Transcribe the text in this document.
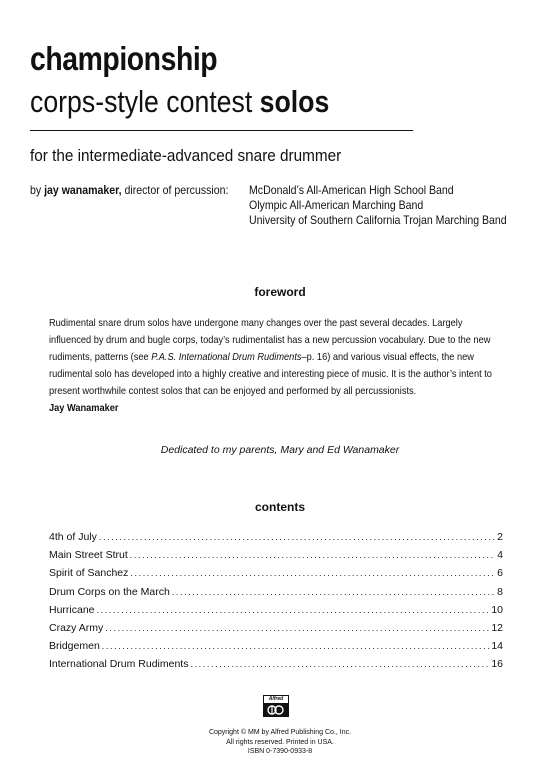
championship
corps-style contest solos
for the intermediate-advanced snare drummer
by jay wanamaker, director of percussion: McDonald’s All-American High School Band
Olympic All-American Marching Band
University of Southern California Trojan Marching Band
foreword
Rudimental snare drum solos have undergone many changes over the past several decades. Largely influenced by drum and bugle corps, today’s rudimentalist has a new percussion vocabulary. Due to the new rudiments, patterns (see P.A.S. International Drum Rudiments–p. 16) and various visual effects, the new rudimental solo has developed into a highly creative and interesting piece of music. It is the author’s intent to present worthwhile contest solos that can be enjoyed and performed by all percussionists.
Jay Wanamaker
Dedicated to my parents, Mary and Ed Wanamaker
contents
4th of July .....	2
Main Street Strut .....	4
Spirit of Sanchez .....	6
Drum Corps on the March .....	8
Hurricane .....	10
Crazy Army .....	12
Bridgemen .....	14
International Drum Rudiments .....	16
Alfred
Copyright © MM by Alfred Publishing Co., Inc.
All rights reserved. Printed in USA.
ISBN 0-7390-0933-8
